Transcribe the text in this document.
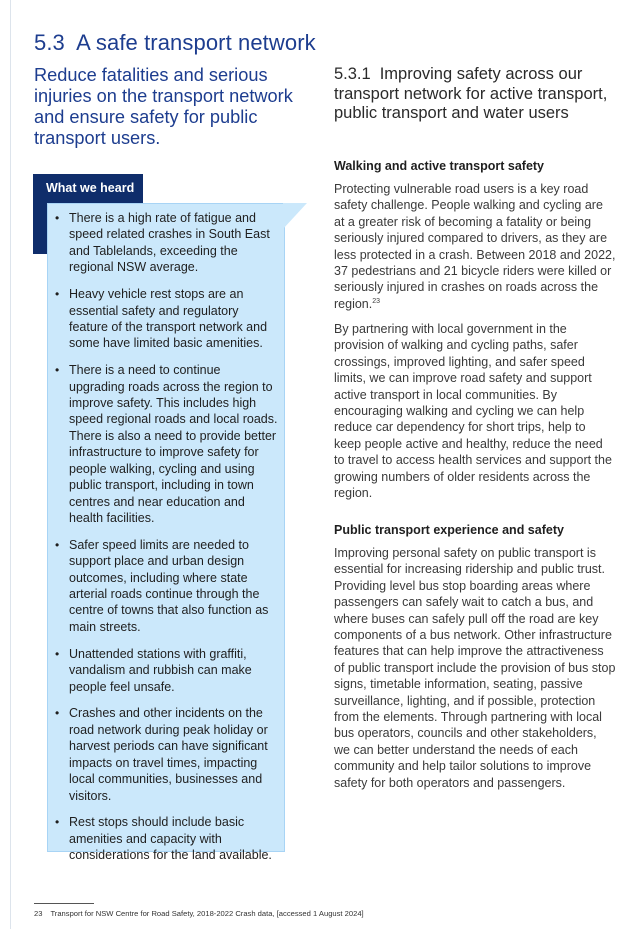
5.3 A safe transport network

Reduce fatalities and serious injuries on the transport network and ensure safety for public transport users.

What we heard
• There is a high rate of fatigue and speed related crashes in South East and Tablelands, exceeding the regional NSW average.
• Heavy vehicle rest stops are an essential safety and regulatory feature of the transport network and some have limited basic amenities.
• There is a need to continue upgrading roads across the region to improve safety. This includes high speed regional roads and local roads. There is also a need to provide better infrastructure to improve safety for people walking, cycling and using public transport, including in town centres and near education and health facilities.
• Safer speed limits are needed to support place and urban design outcomes, including where state arterial roads continue through the centre of towns that also function as main streets.
• Unattended stations with graffiti, vandalism and rubbish can make people feel unsafe.
• Crashes and other incidents on the road network during peak holiday or harvest periods can have significant impacts on travel times, impacting local communities, businesses and visitors.
• Rest stops should include basic amenities and capacity with considerations for the land available.
5.3.1 Improving safety across our transport network for active transport, public transport and water users
Walking and active transport safety

Protecting vulnerable road users is a key road safety challenge. People walking and cycling are at a greater risk of becoming a fatality or being seriously injured compared to drivers, as they are less protected in a crash. Between 2018 and 2022, 37 pedestrians and 21 bicycle riders were killed or seriously injured in crashes on roads across the region.$^{23}$

By partnering with local government in the provision of walking and cycling paths, safer crossings, improved lighting, and safer speed limits, we can improve road safety and support active transport in local communities. By encouraging walking and cycling we can help reduce car dependency for short trips, help to keep people active and healthy, reduce the need to travel to access health services and support the growing numbers of older residents across the region.

Public transport experience and safety

Improving personal safety on public transport is essential for increasing ridership and public trust. Providing level bus stop boarding areas where passengers can safely wait to catch a bus, and where buses can safely pull off the road are key components of a bus network. Other infrastructure features that can help improve the attractiveness of public transport include the provision of bus stop signs, timetable information, seating, passive surveillance, lighting, and if possible, protection from the elements. Through partnering with local bus operators, councils and other stakeholders, we can better understand the needs of each community and help tailor solutions to improve safety for both operators and passengers.

23 Transport for NSW Centre for Road Safety, 2018-2022 Crash data, [accessed 1 August 2024]
